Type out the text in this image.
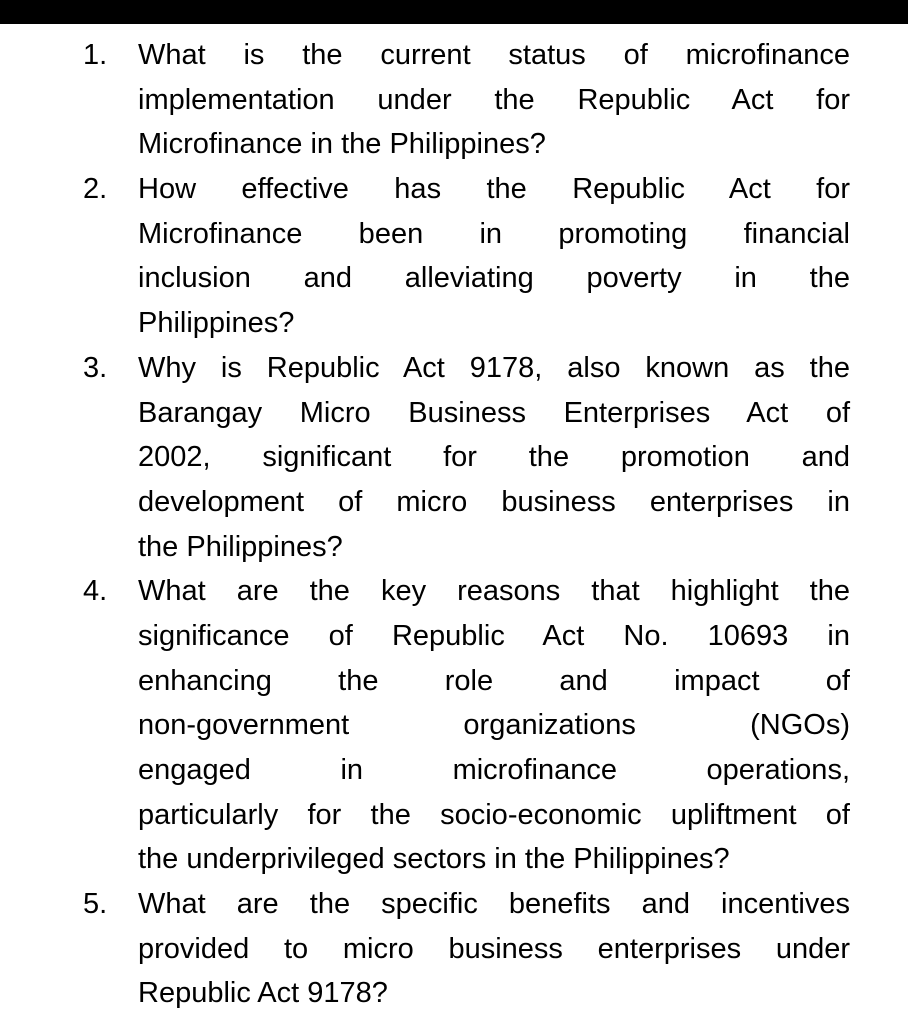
1. What is the current status of microfinance
implementation under the Republic Act for
Microfinance in the Philippines?
2. How effective has the Republic Act for
Microfinance been in promoting financial
inclusion and alleviating poverty in the
Philippines?
3. Why is Republic Act 9178, also known as the
Barangay Micro Business Enterprises Act of
2002, significant for the promotion and
development of micro business enterprises in
the Philippines?
4. What are the key reasons that highlight the
significance of Republic Act No. 10693 in
enhancing the role and impact of
non-government organizations (NGOs)
engaged in microfinance operations,
particularly for the socio-economic upliftment of
the underprivileged sectors in the Philippines?
5. What are the specific benefits and incentives
provided to micro business enterprises under
Republic Act 9178?
